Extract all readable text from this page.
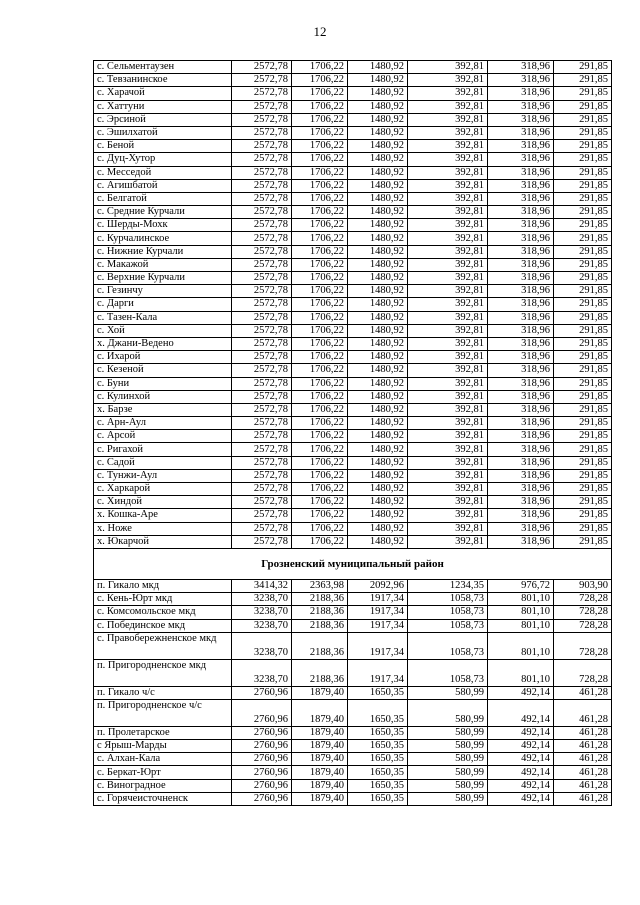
12
с. Сельментаузен	2572,78	1706,22	1480,92	392,81	318,96	291,85
с. Тевзанинское	2572,78	1706,22	1480,92	392,81	318,96	291,85
с. Харачой	2572,78	1706,22	1480,92	392,81	318,96	291,85
с. Хаттуни	2572,78	1706,22	1480,92	392,81	318,96	291,85
с. Эрсиной	2572,78	1706,22	1480,92	392,81	318,96	291,85
с. Эшилхатой	2572,78	1706,22	1480,92	392,81	318,96	291,85
с. Беной	2572,78	1706,22	1480,92	392,81	318,96	291,85
с. Дуц-Хутор	2572,78	1706,22	1480,92	392,81	318,96	291,85
с. Месседой	2572,78	1706,22	1480,92	392,81	318,96	291,85
с. Агишбатой	2572,78	1706,22	1480,92	392,81	318,96	291,85
с. Белгатой	2572,78	1706,22	1480,92	392,81	318,96	291,85
с. Средние Курчали	2572,78	1706,22	1480,92	392,81	318,96	291,85
с. Шерды-Мохк	2572,78	1706,22	1480,92	392,81	318,96	291,85
с. Курчалинское	2572,78	1706,22	1480,92	392,81	318,96	291,85
с. Нижние Курчали	2572,78	1706,22	1480,92	392,81	318,96	291,85
с. Макажой	2572,78	1706,22	1480,92	392,81	318,96	291,85
с. Верхние Курчали	2572,78	1706,22	1480,92	392,81	318,96	291,85
с. Гезинчу	2572,78	1706,22	1480,92	392,81	318,96	291,85
с. Дарги	2572,78	1706,22	1480,92	392,81	318,96	291,85
с. Тазен-Кала	2572,78	1706,22	1480,92	392,81	318,96	291,85
с. Хой	2572,78	1706,22	1480,92	392,81	318,96	291,85
х. Джани-Ведено	2572,78	1706,22	1480,92	392,81	318,96	291,85
с. Ихарой	2572,78	1706,22	1480,92	392,81	318,96	291,85
с. Кезеной	2572,78	1706,22	1480,92	392,81	318,96	291,85
с. Буни	2572,78	1706,22	1480,92	392,81	318,96	291,85
с. Кулинхой	2572,78	1706,22	1480,92	392,81	318,96	291,85
х. Барзе	2572,78	1706,22	1480,92	392,81	318,96	291,85
с. Арн-Аул	2572,78	1706,22	1480,92	392,81	318,96	291,85
с. Арсой	2572,78	1706,22	1480,92	392,81	318,96	291,85
с. Ригахой	2572,78	1706,22	1480,92	392,81	318,96	291,85
с. Садой	2572,78	1706,22	1480,92	392,81	318,96	291,85
с. Тунжи-Аул	2572,78	1706,22	1480,92	392,81	318,96	291,85
с. Харкарой	2572,78	1706,22	1480,92	392,81	318,96	291,85
с. Хиндой	2572,78	1706,22	1480,92	392,81	318,96	291,85
х. Кошка-Аре	2572,78	1706,22	1480,92	392,81	318,96	291,85
х. Ноже	2572,78	1706,22	1480,92	392,81	318,96	291,85
х. Юкарчой	2572,78	1706,22	1480,92	392,81	318,96	291,85
Грозненский муниципальный район						
п. Гикало мкд	3414,32	2363,98	2092,96	1234,35	976,72	903,90
с. Кень-Юрт мкд	3238,70	2188,36	1917,34	1058,73	801,10	728,28
с. Комсомольское мкд	3238,70	2188,36	1917,34	1058,73	801,10	728,28
с. Побединское мкд	3238,70	2188,36	1917,34	1058,73	801,10	728,28
с. Правобережненское мкд	3238,70	2188,36	1917,34	1058,73	801,10	728,28
п. Пригородненское мкд	3238,70	2188,36	1917,34	1058,73	801,10	728,28
п. Гикало ч/с	2760,96	1879,40	1650,35	580,99	492,14	461,28
п. Пригородненское ч/с	2760,96	1879,40	1650,35	580,99	492,14	461,28
п. Пролетарское	2760,96	1879,40	1650,35	580,99	492,14	461,28
с Ярыш-Марды	2760,96	1879,40	1650,35	580,99	492,14	461,28
с. Алхан-Кала	2760,96	1879,40	1650,35	580,99	492,14	461,28
с. Беркат-Юрт	2760,96	1879,40	1650,35	580,99	492,14	461,28
с. Виноградное	2760,96	1879,40	1650,35	580,99	492,14	461,28
с. Горячеисточненск	2760,96	1879,40	1650,35	580,99	492,14	461,28
